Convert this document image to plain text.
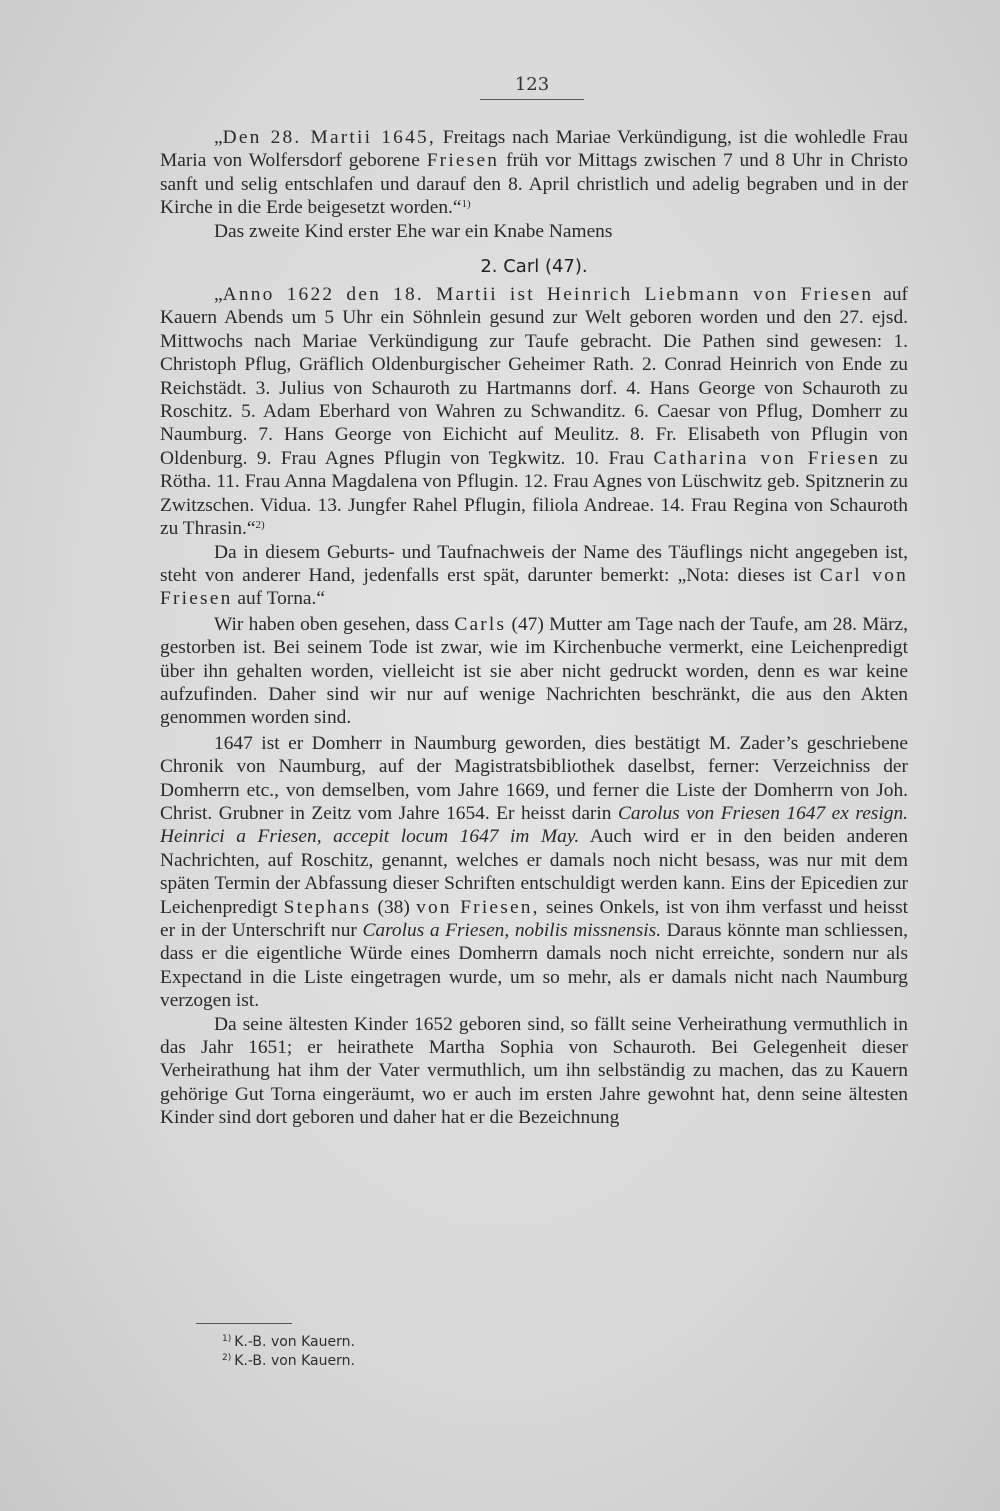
123

„Den 28. Martii 1645, Freitags nach Mariae Verkündigung, ist die wohledle Frau Maria von Wolfersdorf geborene Friesen früh vor Mittags zwischen 7 und 8 Uhr in Christo sanft und selig entschlafen und darauf den 8. April christlich und adelig begraben und in der Kirche in die Erde beigesetzt worden.“$^{1)}$

Das zweite Kind erster Ehe war ein Knabe Namens

2. Carl (47).

„Anno 1622 den 18. Martii ist Heinrich Liebmann von Friesen auf Kauern Abends um 5 Uhr ein Söhnlein gesund zur Welt geboren worden und den 27. ejsd. Mittwochs nach Mariae Verkündigung zur Taufe gebracht. Die Pathen sind gewesen: 1. Christoph Pflug, Gräflich Oldenburgischer Geheimer Rath. 2. Conrad Heinrich von Ende zu Reichstädt. 3. Julius von Schauroth zu Hartmanns dorf. 4. Hans George von Schauroth zu Roschitz. 5. Adam Eberhard von Wahren zu Schwanditz. 6. Caesar von Pflug, Domherr zu Naumburg. 7. Hans George von Eichicht auf Meulitz. 8. Fr. Elisabeth von Pflugin von Oldenburg. 9. Frau Agnes Pflugin von Tegkwitz. 10. Frau Catharina von Friesen zu Rötha. 11. Frau Anna Magdalena von Pflugin. 12. Frau Agnes von Lüschwitz geb. Spitznerin zu Zwitzschen. Vidua. 13. Jungfer Rahel Pflugin, filiola Andreae. 14. Frau Regina von Schauroth zu Thrasin.“$^{2)}$

Da in diesem Geburts- und Taufnachweis der Name des Täuflings nicht angegeben ist, steht von anderer Hand, jedenfalls erst spät, darunter bemerkt: „Nota: dieses ist Carl von Friesen auf Torna.“

Wir haben oben gesehen, dass Carls (47) Mutter am Tage nach der Taufe, am 28. März, gestorben ist. Bei seinem Tode ist zwar, wie im Kirchenbuche vermerkt, eine Leichenpredigt über ihn gehalten worden, vielleicht ist sie aber nicht gedruckt worden, denn es war keine aufzufinden. Daher sind wir nur auf wenige Nachrichten beschränkt, die aus den Akten genommen worden sind.

1647 ist er Domherr in Naumburg geworden, dies bestätigt M. Zader’s geschriebene Chronik von Naumburg, auf der Magistratsbibliothek daselbst, ferner: Verzeichniss der Domherrn etc., von demselben, vom Jahre 1669, und ferner die Liste der Domherrn von Joh. Christ. Grubner in Zeitz vom Jahre 1654. Er heisst darin Carolus von Friesen 1647 ex resign. Heinrici a Friesen, accepit locum 1647 im May. Auch wird er in den beiden anderen Nachrichten, auf Roschitz, genannt, welches er damals noch nicht besass, was nur mit dem späten Termin der Abfassung dieser Schriften entschuldigt werden kann. Eins der Epicedien zur Leichenpredigt Stephans (38) von Friesen, seines Onkels, ist von ihm verfasst und heisst er in der Unterschrift nur Carolus a Friesen, nobilis missnensis. Daraus könnte man schliessen, dass er die eigentliche Würde eines Domherrn damals noch nicht erreichte, sondern nur als Expectand in die Liste eingetragen wurde, um so mehr, als er damals nicht nach Naumburg verzogen ist.

Da seine ältesten Kinder 1652 geboren sind, so fällt seine Verheirathung vermuthlich in das Jahr 1651; er heirathete Martha Sophia von Schauroth. Bei Gelegenheit dieser Verheirathung hat ihm der Vater vermuthlich, um ihn selbständig zu machen, das zu Kauern gehörige Gut Torna eingeräumt, wo er auch im ersten Jahre gewohnt hat, denn seine ältesten Kinder sind dort geboren und daher hat er die Bezeichnung

$^{1)}$ K.-B. von Kauern.

$^{2)}$ K.-B. von Kauern.
